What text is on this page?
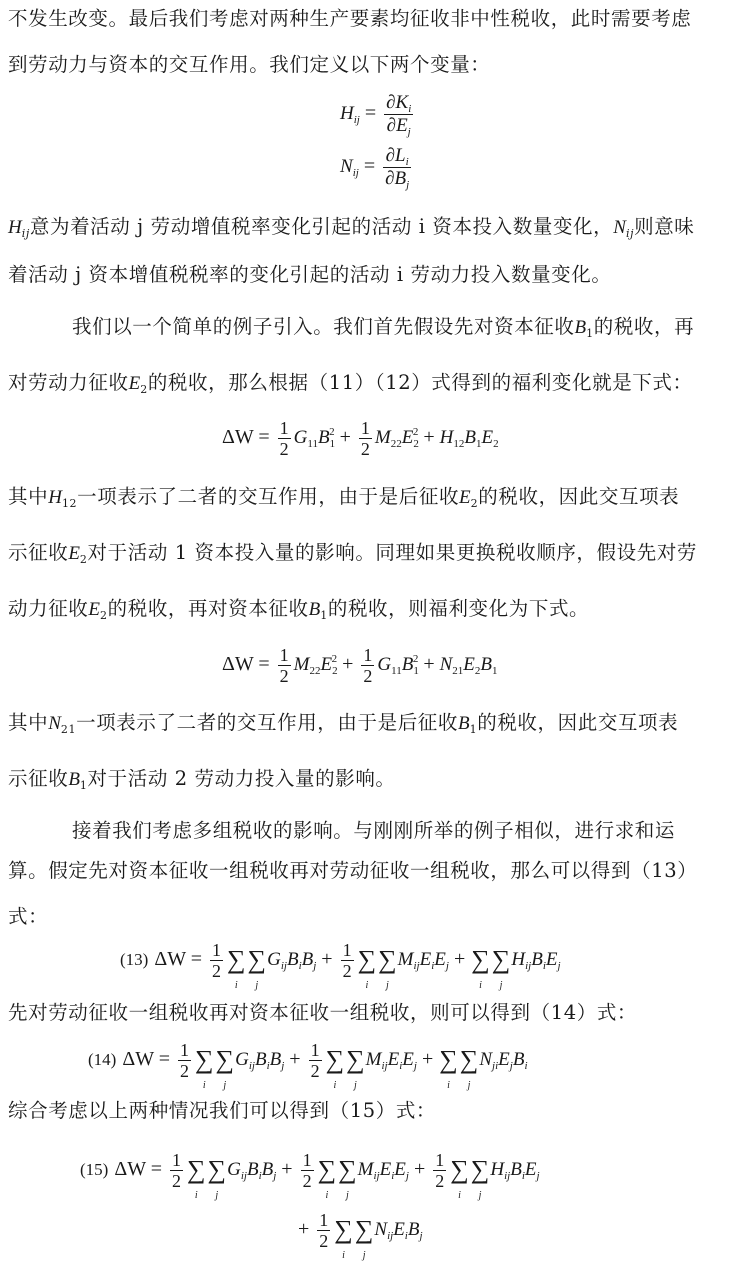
不发生改变。最后我们考虑对两种生产要素均征收非中性税收，此时需要考虑
到劳动力与资本的交互作用。我们定义以下两个变量：
$H_{ij} = \frac{\partial K_i}{\partial E_j}$
$N_{ij} = \frac{\partial L_i}{\partial B_j}$
$H_{ij}$意为着活动 j 劳动增值税率变化引起的活动 i 资本投入数量变化，$N_{ij}$则意味
着活动 j 资本增值税税率的变化引起的活动 i 劳动力投入数量变化。
我们以一个简单的例子引入。我们首先假设先对资本征收$B_1$的税收，再
对劳动力征收$E_2$的税收，那么根据（11）（12）式得到的福利变化就是下式：
$\Delta W = \frac{1}{2} G_{11}B_1^2 + \frac{1}{2} M_{22}E_2^2 + H_{12}B_1E_2$
其中$H_{12}$一项表示了二者的交互作用，由于是后征收$E_2$的税收，因此交互项表
示征收$E_2$对于活动 1 资本投入量的影响。同理如果更换税收顺序，假设先对劳
动力征收$E_2$的税收，再对资本征收$B_1$的税收，则福利变化为下式。
$\Delta W = \frac{1}{2} M_{22}E_2^2 + \frac{1}{2} G_{11}B_1^2 + N_{21}E_2B_1$
其中$N_{21}$一项表示了二者的交互作用，由于是后征收$B_1$的税收，因此交互项表
示征收$B_1$对于活动 2 劳动力投入量的影响。
接着我们考虑多组税收的影响。与刚刚所举的例子相似，进行求和运
算。假定先对资本征收一组税收再对劳动征收一组税收，那么可以得到（13）
式：
(13) $\Delta W = \frac{1}{2}$ ∑
i
∑
j
$G_{ij}B_iB_j + \frac{1}{2}$ ∑
i
∑
j
$M_{ij}E_iE_j$ + ∑
i
∑
j
$H_{ij}B_iE_j$
先对劳动征收一组税收再对资本征收一组税收，则可以得到（14）式：
(14) $\Delta W = \frac{1}{2}$ ∑
i
∑
j
$G_{ij}B_iB_j + \frac{1}{2}$ ∑
i
∑
j
$M_{ij}E_iE_j$ + ∑
i
∑
j
$N_{ji}E_jB_i$
综合考虑以上两种情况我们可以得到（15）式：
(15) $\Delta W = \frac{1}{2}$ ∑
i
∑
j
$G_{ij}B_iB_j + \frac{1}{2}$ ∑
i
∑
j
$M_{ij}E_iE_j + \frac{1}{2}$ ∑
i
∑
j
$H_{ij}B_iE_j$
+ $\frac{1}{2}$ ∑
i
∑
j
$N_{ij}E_iB_j$
